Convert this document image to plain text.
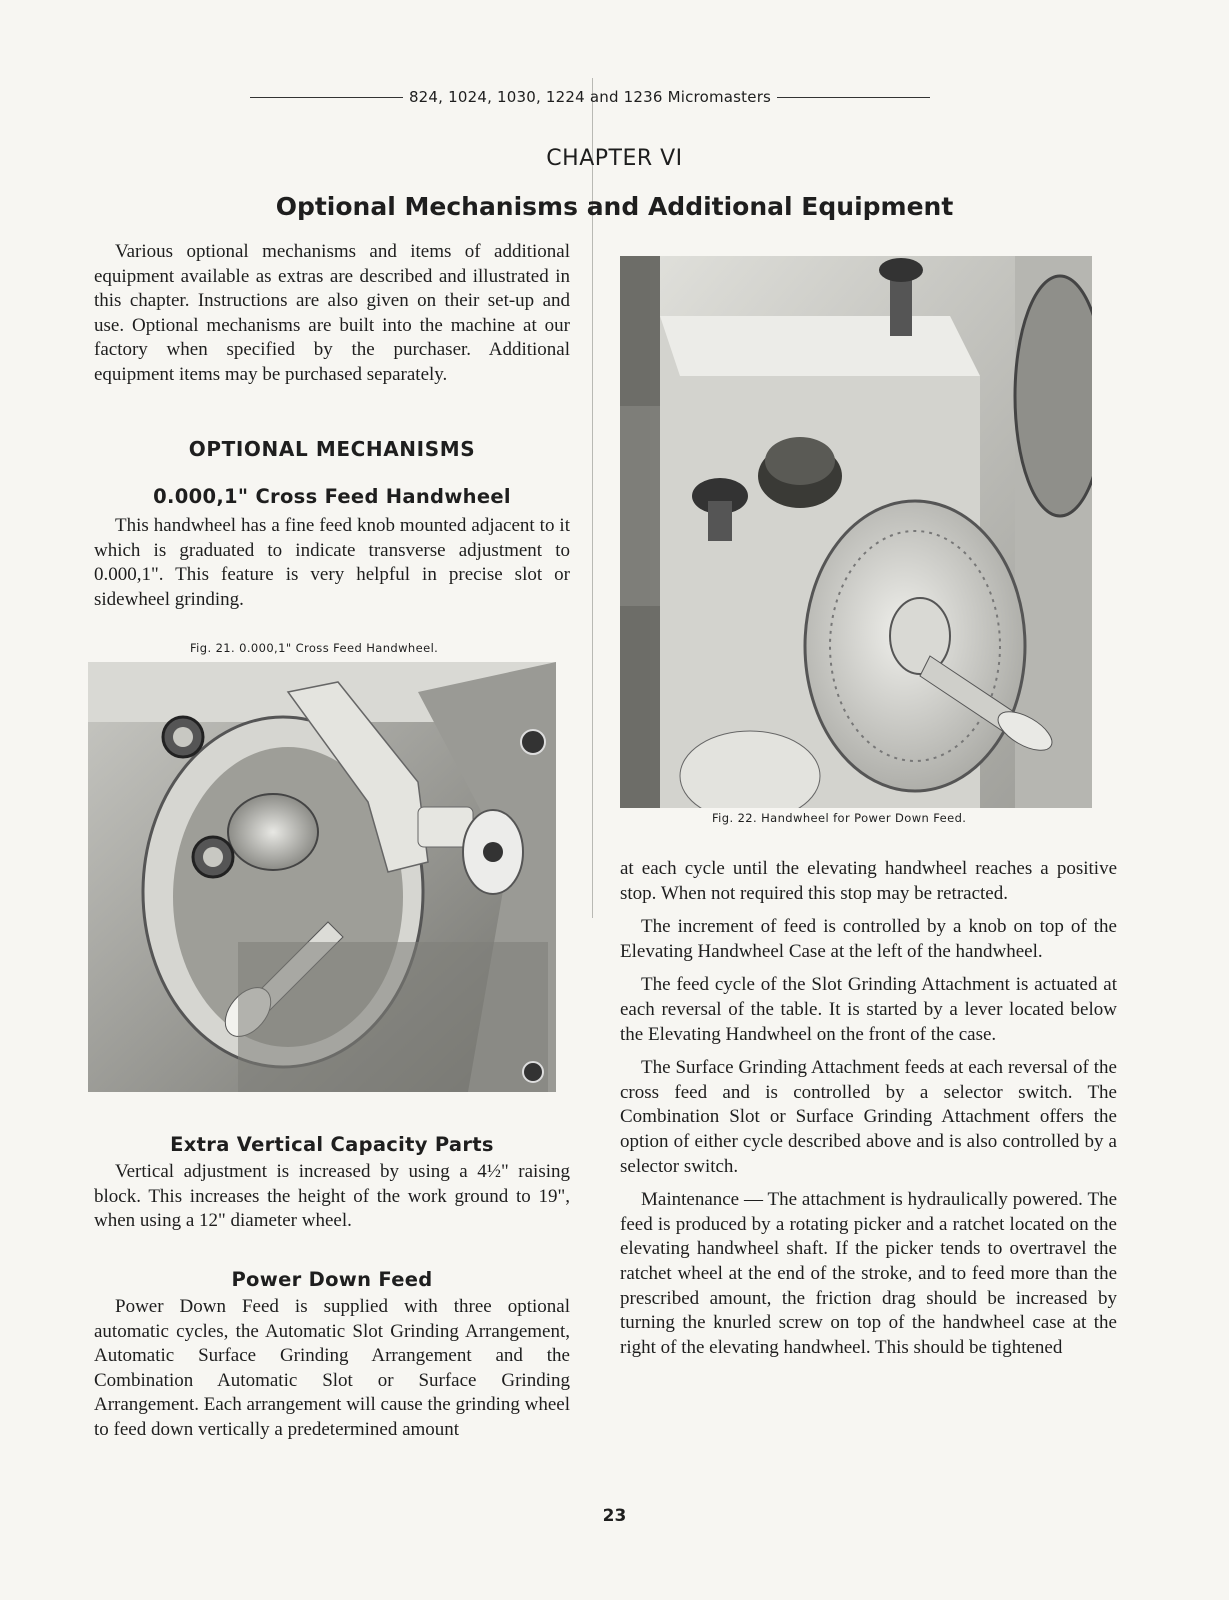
824, 1024, 1030, 1224 and 1236 Micromasters
CHAPTER VI
Optional Mechanisms and Additional Equipment

Various optional mechanisms and items of additional equipment available as extras are described and illustrated in this chapter. Instructions are also given on their set-up and use. Optional mechanisms are built into the machine at our factory when specified by the purchaser. Additional equipment items may be purchased separately.

OPTIONAL MECHANISMS
0.000,1" Cross Feed Handwheel

This handwheel has a fine feed knob mounted adjacent to it which is graduated to indicate transverse adjustment to 0.000,1". This feature is very helpful in precise slot or sidewheel grinding.

Fig. 21. 0.000,1" Cross Feed Handwheel.
Extra Vertical Capacity Parts

Vertical adjustment is increased by using a 4½" raising block. This increases the height of the work ground to 19", when using a 12" diameter wheel.

Power Down Feed

Power Down Feed is supplied with three optional automatic cycles, the Automatic Slot Grinding Arrangement, Automatic Surface Grinding Arrangement and the Combination Automatic Slot or Surface Grinding Arrangement. Each arrangement will cause the grinding wheel to feed down vertically a predetermined amount

Fig. 22. Handwheel for Power Down Feed.

at each cycle until the elevating handwheel reaches a positive stop. When not required this stop may be retracted.

The increment of feed is controlled by a knob on top of the Elevating Handwheel Case at the left of the handwheel.

The feed cycle of the Slot Grinding Attachment is actuated at each reversal of the table. It is started by a lever located below the Elevating Handwheel on the front of the case.

The Surface Grinding Attachment feeds at each reversal of the cross feed and is controlled by a selector switch. The Combination Slot or Surface Grinding Attachment offers the option of either cycle described above and is also controlled by a selector switch.

Maintenance — The attachment is hydraulically powered. The feed is produced by a rotating picker and a ratchet located on the elevating handwheel shaft. If the picker tends to overtravel the ratchet wheel at the end of the stroke, and to feed more than the prescribed amount, the friction drag should be increased by turning the knurled screw on top of the handwheel case at the right of the elevating handwheel. This should be tightened

23
